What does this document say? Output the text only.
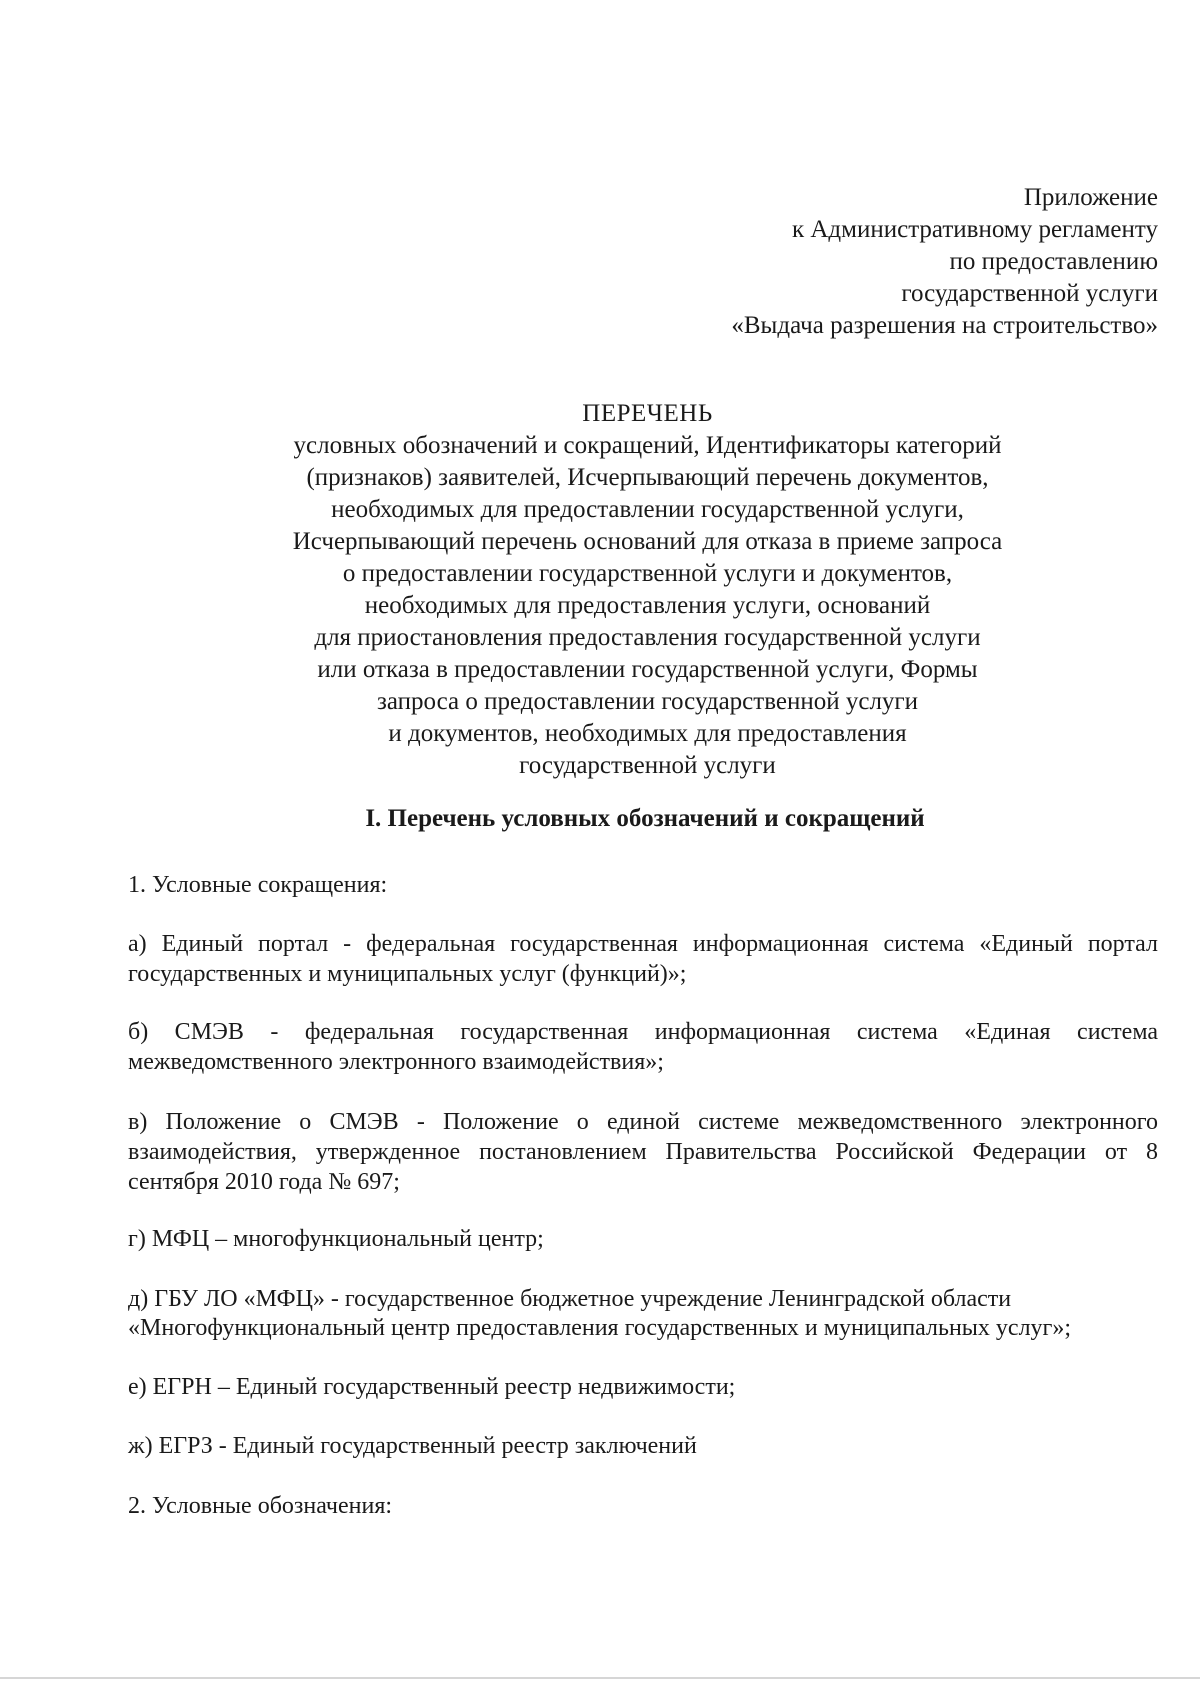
Приложение
к Административному регламенту
по предоставлению
государственной услуги
«Выдача разрешения на строительство»
ПЕРЕЧЕНЬ
условных обозначений и сокращений, Идентификаторы категорий
(признаков) заявителей, Исчерпывающий перечень документов,
необходимых для предоставлении государственной услуги,
Исчерпывающий перечень оснований для отказа в приеме запроса
о предоставлении государственной услуги и документов,
необходимых для предоставления услуги, оснований
для приостановления предоставления государственной услуги
или отказа в предоставлении государственной услуги, Формы
запроса о предоставлении государственной услуги
и документов, необходимых для предоставления
государственной услуги
I. Перечень условных обозначений и сокращений
1. Условные сокращения:
а) Единый портал - федеральная государственная информационная система «Единый портал государственных и муниципальных услуг (функций)»;
б) СМЭВ - федеральная государственная информационная система «Единая система межведомственного электронного взаимодействия»;
в) Положение о СМЭВ - Положение о единой системе межведомственного электронного взаимодействия, утвержденное постановлением Правительства Российской Федерации от 8 сентября 2010 года № 697;
г) МФЦ – многофункциональный центр;
д) ГБУ ЛО «МФЦ» - государственное бюджетное учреждение Ленинградской области
«Многофункциональный центр предоставления государственных и муниципальных услуг»;
е) ЕГРН – Единый государственный реестр недвижимости;
ж) ЕГРЗ - Единый государственный реестр заключений
2. Условные обозначения:
